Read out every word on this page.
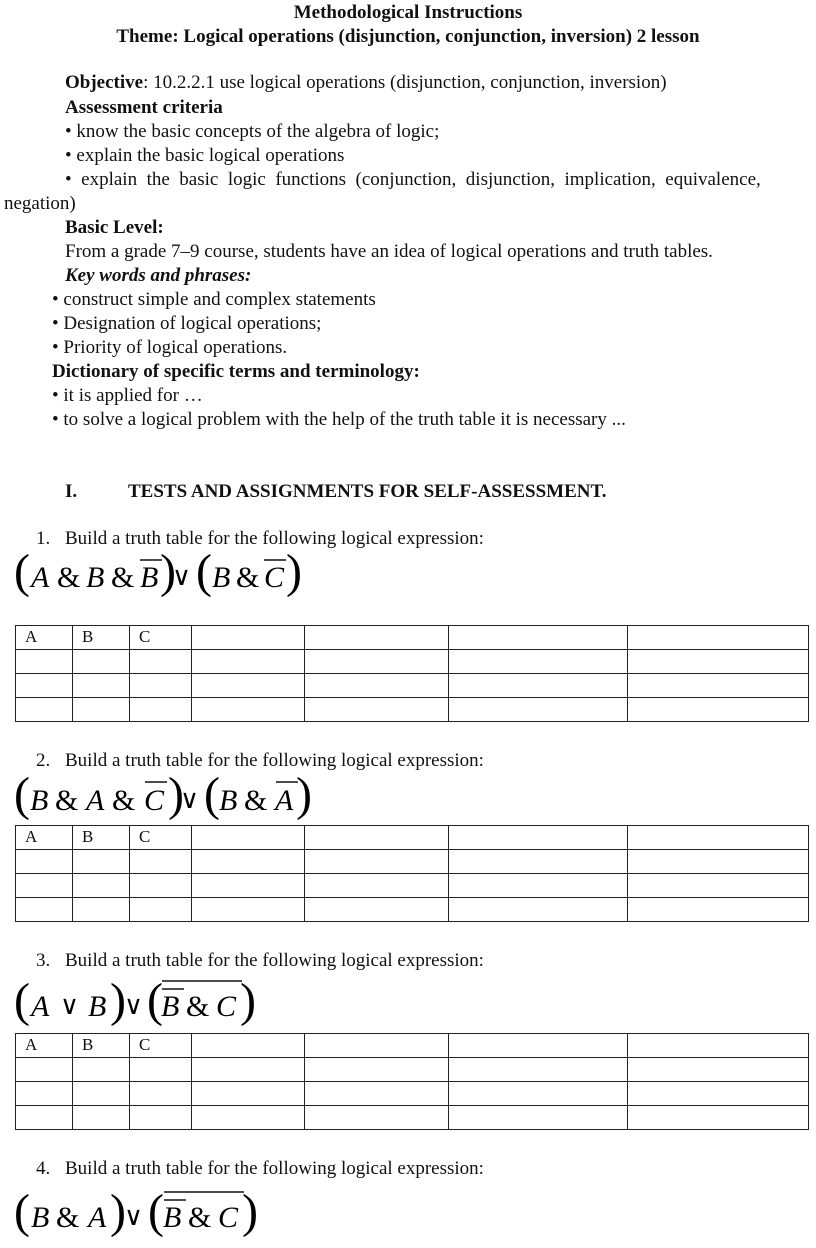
Methodological Instructions
Theme: Logical operations (disjunction, conjunction, inversion) 2 lesson
Objective: 10.2.2.1 use logical operations (disjunction, conjunction, inversion)
Assessment criteria
• know the basic concepts of the algebra of logic;
• explain the basic logical operations
•  explain  the  basic  logic  functions  (conjunction,  disjunction,  implication,  equivalence,
negation)
Basic Level:
From a grade 7–9 course, students have an idea of logical operations and truth tables.
Key words and phrases:
• construct simple and complex statements
• Designation of logical operations;
• Priority of logical operations.
Dictionary of specific terms and terminology:
• it is applied for …
• to solve a logical problem with the help of the truth table it is necessary ...
I.	TESTS AND ASSIGNMENTS FOR SELF-ASSESSMENT.
1. Build a truth table for the following logical expression:
( A & B & B )
∨ ( B & C )
A	B	C				

2. Build a truth table for the following logical expression:
( B & A & C )
∨ ( B & A )
A	B	C				

3. Build a truth table for the following logical expression:
( A ∨ B )
∨ (
B & C )
A	B	C				

4. Build a truth table for the following logical expression:
( B & A )
∨ ( B & C )
